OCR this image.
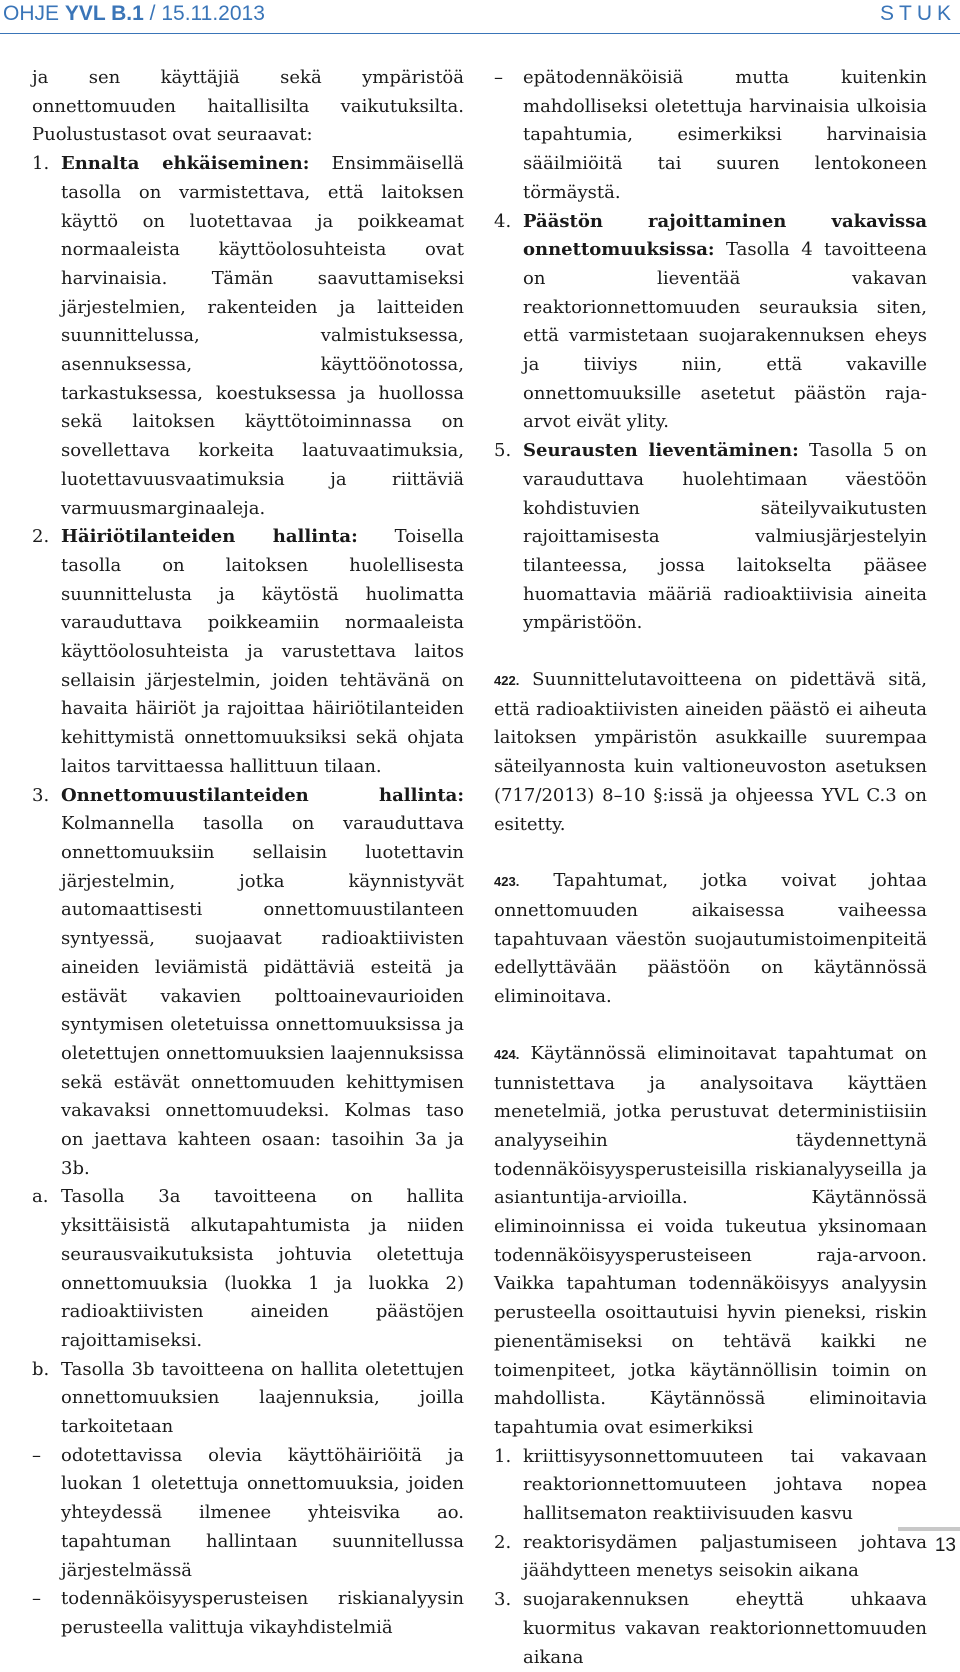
OHJE YVL B.1 / 15.11.2013	STUK

ja sen käyttäjiä sekä ympäristöä onnettomuuden haitallisilta vaikutuksilta. Puolustustasot ovat seuraavat:

1. Ennalta ehkäiseminen: Ensimmäisellä tasolla on varmistettava, että laitoksen käyttö on luotettavaa ja poikkeamat normaaleista käyttöolosuhteista ovat harvinaisia. Tämän saavuttamiseksi järjestelmien, rakenteiden ja laitteiden suunnittelussa, valmistuksessa, asennuksessa, käyttöönotossa, tarkastuksessa, koestuksessa ja huollossa sekä laitoksen käyttötoiminnassa on sovellettava korkeita laatuvaatimuksia, luotettavuusvaatimuksia ja riittäviä varmuusmarginaaleja.
2. Häiriötilanteiden hallinta: Toisella tasolla on laitoksen huolellisesta suunnittelusta ja käytöstä huolimatta varauduttava poikkeamiin normaaleista käyttöolosuhteista ja varustettava laitos sellaisin järjestelmin, joiden tehtävänä on havaita häiriöt ja rajoittaa häiriötilanteiden kehittymistä onnettomuuksiksi sekä ohjata laitos tarvittaessa hallittuun tilaan.
3. Onnettomuustilanteiden hallinta: Kolmannella tasolla on varauduttava onnettomuuksiin sellaisin luotettavin järjestelmin, jotka käynnistyvät automaattisesti onnettomuustilanteen syntyessä, suojaavat radioaktiivisten aineiden leviämistä pidättäviä esteitä ja estävät vakavien polttoainevaurioiden syntymisen oletetuissa onnettomuuksissa ja oletettujen onnettomuuksien laajennuksissa sekä estävät onnettomuuden kehittymisen vakavaksi onnettomuudeksi. Kolmas taso on jaettava kahteen osaan: tasoihin 3a ja 3b.
a. Tasolla 3a tavoitteena on hallita yksittäisistä alkutapahtumista ja niiden seurausvaikutuksista johtuvia oletettuja onnettomuuksia (luokka 1 ja luokka 2) radioaktiivisten aineiden päästöjen rajoittamiseksi.
b. Tasolla 3b tavoitteena on hallita oletettujen onnettomuuksien laajennuksia, joilla tarkoitetaan
– odotettavissa olevia käyttöhäiriöitä ja luokan 1 oletettuja onnettomuuksia, joiden yhteydessä ilmenee yhteisvika ao. tapahtuman hallintaan suunnitellussa järjestelmässä
– todennäköisyysperusteisen riskianalyysin perusteella valittuja vikayhdistelmiä
– epätodennäköisiä mutta kuitenkin mahdolliseksi oletettuja harvinaisia ulkoisia tapahtumia, esimerkiksi harvinaisia sääilmiöitä tai suuren lentokoneen törmäystä.
4. Päästön rajoittaminen vakavissa onnettomuuksissa: Tasolla 4 tavoitteena on lieventää vakavan reaktorionnettomuuden seurauksia siten, että varmistetaan suojarakennuksen eheys ja tiiviys niin, että vakaville onnettomuuksille asetetut päästön raja-arvot eivät ylity.
5. Seurausten lieventäminen: Tasolla 5 on varauduttava huolehtimaan väestöön kohdistuvien säteilyvaikutusten rajoittamisesta valmiusjärjestelyin tilanteessa, jossa laitokselta pääsee huomattavia määriä radioaktiivisia aineita ympäristöön.

422. Suunnittelutavoitteena on pidettävä sitä, että radioaktiivisten aineiden päästö ei aiheuta laitoksen ympäristön asukkaille suurempaa säteilyannosta kuin valtioneuvoston asetuksen (717/2013) 8–10 §:issä ja ohjeessa YVL C.3 on esitetty.

423. Tapahtumat, jotka voivat johtaa onnettomuuden aikaisessa vaiheessa tapahtuvaan väestön suojautumistoimenpiteitä edellyttävään päästöön on käytännössä eliminoitava.

424. Käytännössä eliminoitavat tapahtumat on tunnistettava ja analysoitava käyttäen menetelmiä, jotka perustuvat deterministiisiin analyyseihin täydennettynä todennäköisyysperusteisilla riskianalyyseilla ja asiantuntija-arvioilla. Käytännössä eliminoinnissa ei voida tukeutua yksinomaan todennäköisyysperusteiseen raja-arvoon. Vaikka tapahtuman todennäköisyys analyysin perusteella osoittautuisi hyvin pieneksi, riskin pienentämiseksi on tehtävä kaikki ne toimenpiteet, jotka käytännöllisin toimin on mahdollista. Käytännössä eliminoitavia tapahtumia ovat esimerkiksi

1. kriittisyysonnettomuuteen tai vakavaan reaktorionnettomuuteen johtava nopea hallitsematon reaktiivisuuden kasvu
2. reaktorisydämen paljastumiseen johtava jäähdytteen menetys seisokin aikana
3. suojarakennuksen eheyttä uhkaava kuormitus vakavan reaktorionnettomuuden aikana
13
